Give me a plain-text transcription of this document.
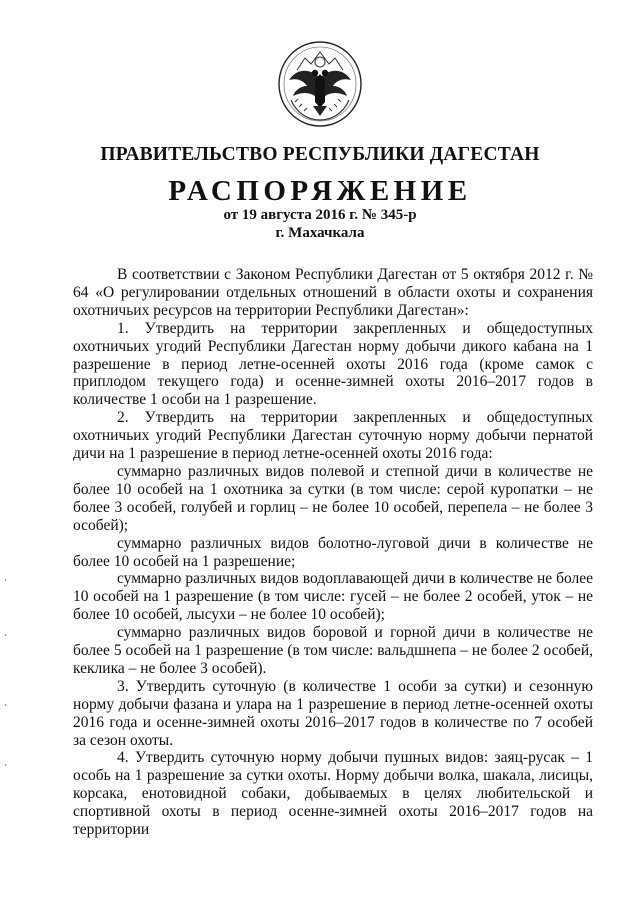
ПРАВИТЕЛЬСТВО РЕСПУБЛИКИ ДАГЕСТАН
РАСПОРЯЖЕНИЕ
от 19 августа 2016 г. № 345-р
г. Махачкала

В соответствии с Законом Республики Дагестан от 5 октября 2012 г. № 64 «О регулировании отдельных отношений в области охоты и сохранения охотничьих ресурсов на территории Республики Дагестан»:

1. Утвердить на территории закрепленных и общедоступных охотничьих угодий Республики Дагестан норму добычи дикого кабана на 1 разрешение в период летне-осенней охоты 2016 года (кроме самок с приплодом текущего года) и осенне-зимней охоты 2016–2017 годов в количестве 1 особи на 1 разрешение.

2. Утвердить на территории закрепленных и общедоступных охотничьих угодий Республики Дагестан суточную норму добычи пернатой дичи на 1 разрешение в период летне-осенней охоты 2016 года:

суммарно различных видов полевой и степной дичи в количестве не более 10 особей на 1 охотника за сутки (в том числе: серой куропатки – не более 3 особей, голубей и горлиц – не более 10 особей, перепела – не более 3 особей);

суммарно различных видов болотно-луговой дичи в количестве не более 10 особей на 1 разрешение;

суммарно различных видов водоплавающей дичи в количестве не более 10 особей на 1 разрешение (в том числе: гусей – не более 2 особей, уток – не более 10 особей, лысухи – не более 10 особей);

суммарно различных видов боровой и горной дичи в количестве не более 5 особей на 1 разрешение (в том числе: вальдшнепа – не более 2 особей, кеклика – не более 3 особей).

3. Утвердить суточную (в количестве 1 особи за сутки) и сезонную норму добычи фазана и улара на 1 разрешение в период летне-осенней охоты 2016 года и осенне-зимней охоты 2016–2017 годов в количестве по 7 особей за сезон охоты.

4. Утвердить суточную норму добычи пушных видов: заяц-русак – 1 особь на 1 разрешение за сутки охоты. Норму добычи волка, шакала, лисицы, корсака, енотовидной собаки, добываемых в целях любительской и спортивной охоты в период осенне-зимней охоты 2016–2017 годов на территории
